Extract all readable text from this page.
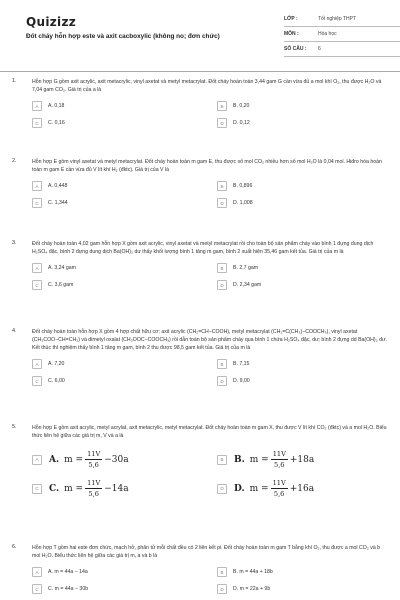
Quizizz
Đốt cháy hỗn hợp este và axit cacboxylic (không no; đơn chức)
LỚP :	Tốt nghiệp THPT
MÔN :	Hóa học
SỐ CÂU :	6
1.	Hỗn hợp G gồm axit acrylic, axit metacrylic, vinyl axetat và metyl metacrylat. Đốt cháy hoàn toàn 3,44 gam G cần vừa đủ a mol khí O₂, thu được H₂O và 7,04 gam CO₂. Giá trị của a là
A	A. 0,18	B	B. 0,20
C	C. 0,16	D	D. 0,12
2.	Hỗn hợp E gồm vinyl axetat và metyl metacrylat. Đốt cháy hoàn toàn m gam E, thu được số mol CO₂ nhiều hơn số mol H₂O là 0,04 mol. Hiđro hóa hoàn toàn m gam E cần vừa đủ V lít khí H₂ (đktc). Giá trị của V là
A	A. 0,448	B	B. 0,896
C	C. 1,344	D	D. 1,008
3.	Đốt cháy hoàn toàn 4,02 gam hỗn hợp X gồm axit acrylic, vinyl axetat và metyl metacrylat rồi cho toàn bộ sản phẩm cháy vào bình 1 đựng dung dịch H₂SO₄ đặc, bình 2 đựng dung dịch Ba(OH)₂ dư thấy khối lượng bình 1 tăng m gam, bình 2 xuất hiện 35,46 gam kết tủa. Giá trị của m là
A	A. 3,24 gam	B	B. 2,7 gam
C	C. 3,6 gam	D	D. 2,34 gam
4.	Đốt cháy hoàn toàn hỗn hợp X gồm 4 hợp chất hữu cơ: axit acrylic (CH₂=CH−COOH), metyl metacrylat (CH₂=C(CH₃)−COOCH₃), vinyl axetat (CH₃COO−CH=CH₂) và dimetyl oxalat (CH₃OOC−COOCH₃) rồi dẫn toàn bộ sản phẩm cháy qua bình 1 chứa H₂SO₄ đặc, dư; bình 2 đựng dd Ba(OH)₂ dư. Kết thúc thí nghiệm thấy bình 1 tăng m gam, bình 2 thu được 98,5 gam kết tủa. Giá trị của m là
A	A. 7,20	B	B. 7,15
C	C. 6,00	D	D. 9,00
5.	Hỗn hợp E gồm axit acrylic, metyl acrylat, axit metacrylic, metyl metacrylat. Đốt cháy hoàn toàn m gam X, thu được V lít khí CO₂ (đktc) và a mol H₂O. Biểu thức liên hệ giữa các giá trị m, V và a là
A	A. $m = \frac{11V}{5,6} -30a$	B	B. $m = \frac{11V}{5,6} +18a$
C	C. $m = \frac{11V}{5,6} -14a$	D	D. $m = \frac{11V}{5,6} +16a$
6.	Hỗn hợp T gồm hai este đơn chức, mạch hở, phân tử mỗi chất đều có 2 liên kết pi. Đốt cháy hoàn toàn m gam T bằng khí O₂, thu được a mol CO₂ và b mol H₂O. Biểu thức liên hệ giữa các giá trị m, a và b là
A	A. m = 44a − 14a	B	B. m = 44a + 18b
C	C. m = 44a − 30b	D	D. m = 22a + 9b
